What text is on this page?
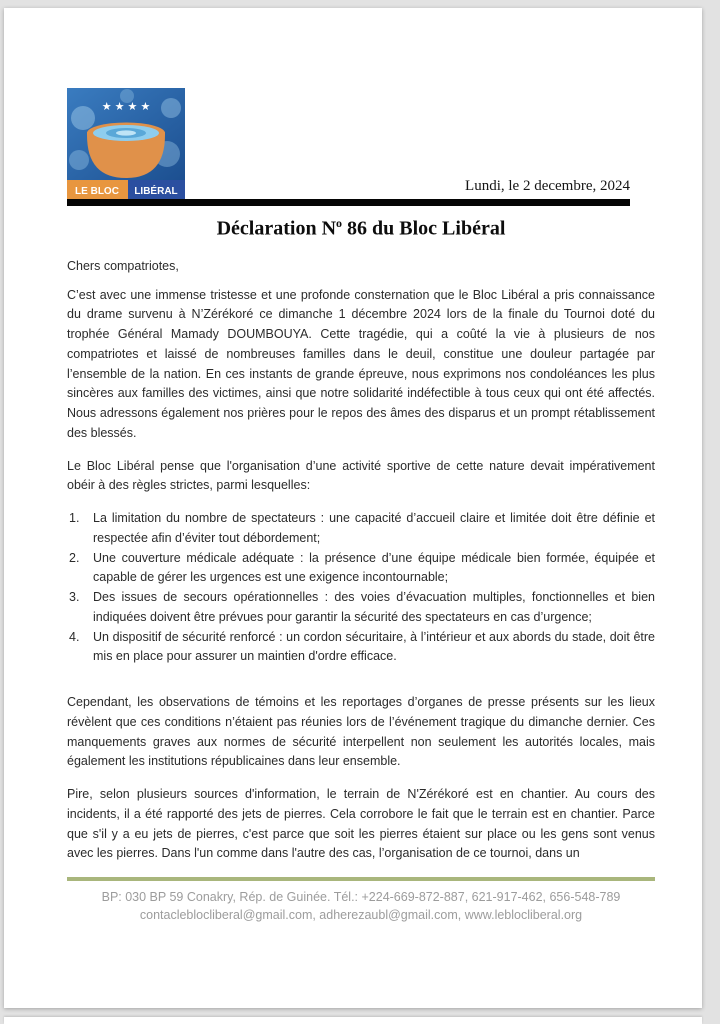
★ ★ ★ ★
LE BLOC LIBÉRAL	Lundi, le 2 decembre, 2024
Déclaration $N^o$ 86 du Bloc Libéral
Chers compatriotes,

C’est avec une immense tristesse et une profonde consternation que le Bloc Libéral a pris connaissance du drame survenu à N’Zérékoré ce dimanche 1 décembre 2024 lors de la finale du Tournoi doté du trophée Général Mamady DOUMBOUYA. Cette tragédie, qui a coûté la vie à plusieurs de nos compatriotes et laissé de nombreuses familles dans le deuil, constitue une douleur partagée par l’ensemble de la nation. En ces instants de grande épreuve, nous exprimons nos condoléances les plus sincères aux familles des victimes, ainsi que notre solidarité indéfectible à tous ceux qui ont été affectés. Nous adressons également nos prières pour le repos des âmes des disparus et un prompt rétablissement des blessés.

Le Bloc Libéral pense que l'organisation d’une activité sportive de cette nature devait impérativement obéir à des règles strictes, parmi lesquelles:

1. La limitation du nombre de spectateurs : une capacité d’accueil claire et limitée doit être définie et respectée afin d’éviter tout débordement;
2. Une couverture médicale adéquate : la présence d’une équipe médicale bien formée, équipée et capable de gérer les urgences est une exigence incontournable;
3. Des issues de secours opérationnelles : des voies d’évacuation multiples, fonctionnelles et bien indiquées doivent être prévues pour garantir la sécurité des spectateurs en cas d’urgence;
4. Un dispositif de sécurité renforcé : un cordon sécuritaire, à l’intérieur et aux abords du stade, doit être mis en place pour assurer un maintien d'ordre efficace.

Cependant, les observations de témoins et les reportages d’organes de presse présents sur les lieux révèlent que ces conditions n’étaient pas réunies lors de l’événement tragique du dimanche dernier. Ces manquements graves aux normes de sécurité interpellent non seulement les autorités locales, mais également les institutions républicaines dans leur ensemble.

Pire, selon plusieurs sources d'information, le terrain de N'Zérékoré est en chantier. Au cours des incidents, il a été rapporté des jets de pierres. Cela corrobore le fait que le terrain est en chantier. Parce que s'il y a eu jets de pierres, c'est parce que soit les pierres étaient sur place ou les gens sont venus avec les pierres. Dans l'un comme dans l'autre des cas, l’organisation de ce tournoi, dans un

BP: 030 BP 59 Conakry, Rép. de Guinée. Tél.: +224-669-872-887, 621-917-462, 656-548-789
contacleblocliberal@gmail.com, adherezaubl@gmail.com, www.leblocliberal.org
